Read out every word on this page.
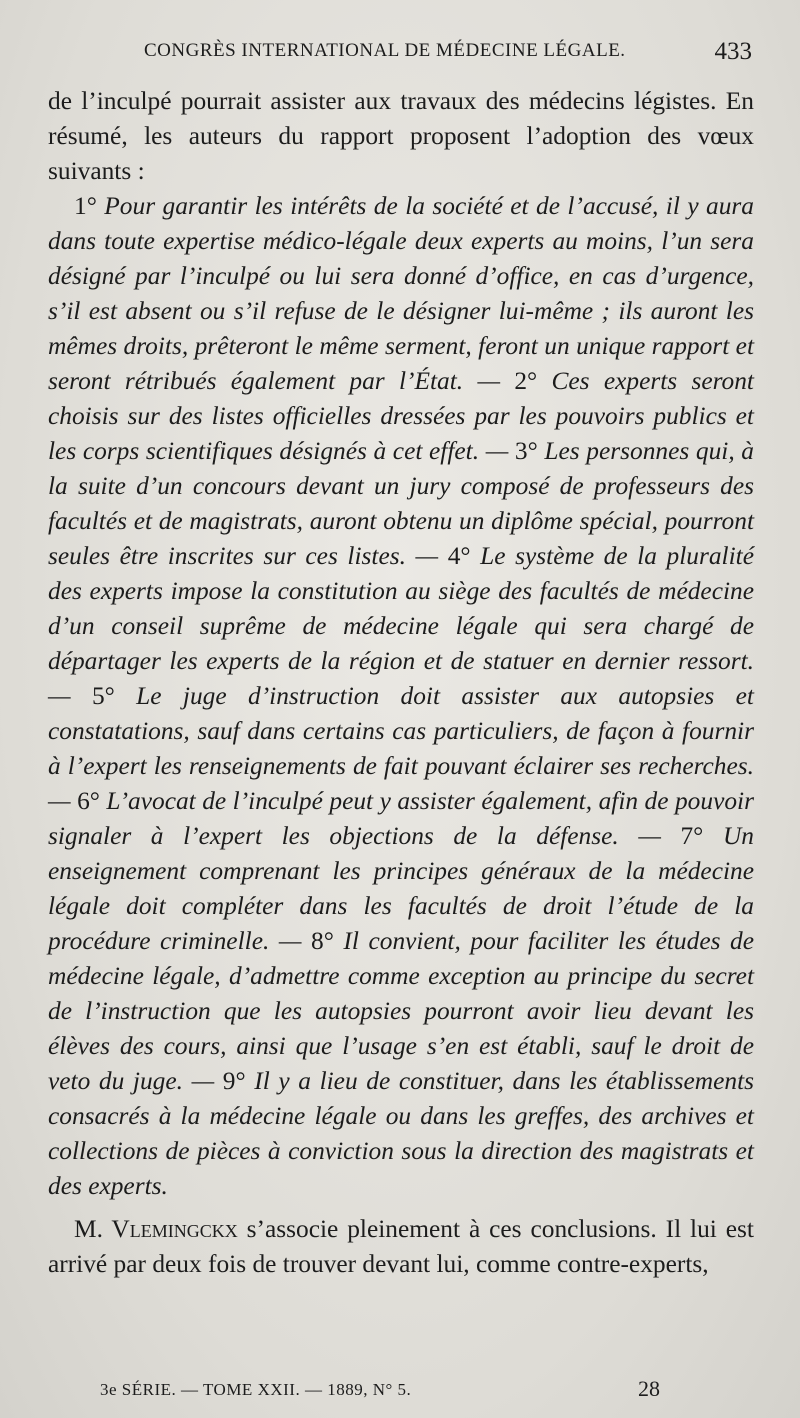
CONGRÈS INTERNATIONAL DE MÉDECINE LÉGALE.	433

de l’inculpé pourrait assister aux travaux des médecins légistes. En résumé, les auteurs du rapport proposent l’adoption des vœux suivants :

1° Pour garantir les intérêts de la société et de l’accusé, il y aura dans toute expertise médico-légale deux experts au moins, l’un sera désigné par l’inculpé ou lui sera donné d’office, en cas d’urgence, s’il est absent ou s’il refuse de le désigner lui-même ; ils auront les mêmes droits, prêteront le même serment, feront un unique rapport et seront rétribués également par l’État. — 2° Ces experts seront choisis sur des listes officielles dressées par les pouvoirs publics et les corps scientifiques désignés à cet effet. — 3° Les personnes qui, à la suite d’un concours devant un jury composé de professeurs des facultés et de magistrats, auront obtenu un diplôme spécial, pourront seules être inscrites sur ces listes. — 4° Le système de la pluralité des experts impose la constitution au siège des facultés de médecine d’un conseil suprême de médecine légale qui sera chargé de départager les experts de la région et de statuer en dernier ressort. — 5° Le juge d’instruction doit assister aux autopsies et constatations, sauf dans certains cas particuliers, de façon à fournir à l’expert les renseignements de fait pouvant éclairer ses recherches. — 6° L’avocat de l’inculpé peut y assister également, afin de pouvoir signaler à l’expert les objections de la défense. — 7° Un enseignement comprenant les principes généraux de la médecine légale doit compléter dans les facultés de droit l’étude de la procédure criminelle. — 8° Il convient, pour faciliter les études de médecine légale, d’admettre comme exception au principe du secret de l’instruction que les autopsies pourront avoir lieu devant les élèves des cours, ainsi que l’usage s’en est établi, sauf le droit de veto du juge. — 9° Il y a lieu de constituer, dans les établissements consacrés à la médecine légale ou dans les greffes, des archives et collections de pièces à conviction sous la direction des magistrats et des experts.

M. Vlemingckx s’associe pleinement à ces conclusions. Il lui est arrivé par deux fois de trouver devant lui, comme contre-experts,

3e SÉRIE. — TOME XXII. — 1889, N° 5.	28
